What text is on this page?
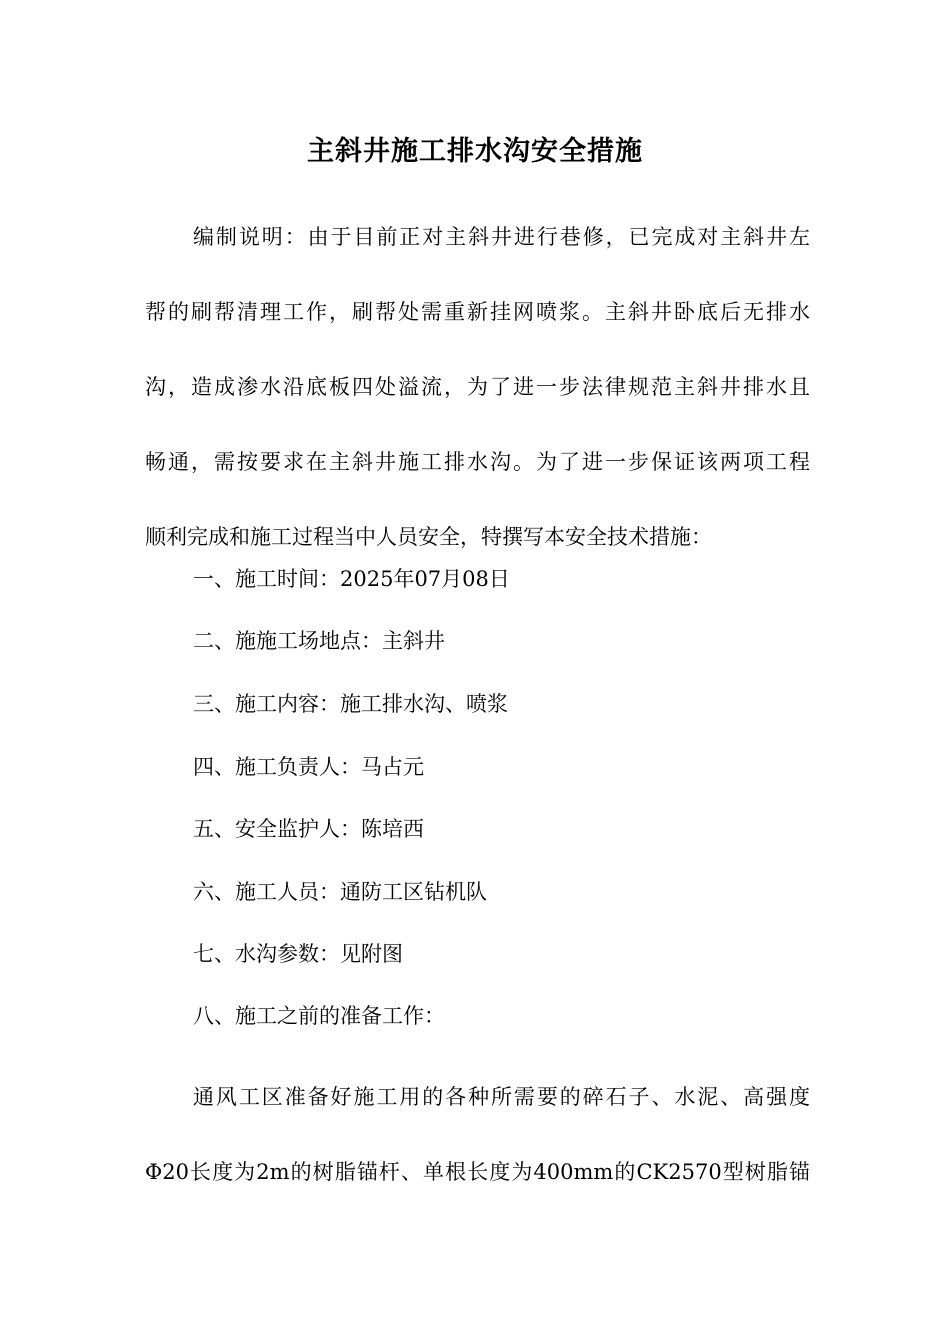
主斜井施工排水沟安全措施
编制说明：由于目前正对主斜井进行巷修，已完成对主斜井左
帮的刷帮清理工作，刷帮处需重新挂网喷浆。主斜井卧底后无排水
沟，造成渗水沿底板四处溢流，为了进一步法律规范主斜井排水且
畅通，需按要求在主斜井施工排水沟。为了进一步保证该两项工程
顺利完成和施工过程当中人员安全，特撰写本安全技术措施：
一、施工时间：2025年07月08日
二、施施工场地点：主斜井
三、施工内容：施工排水沟、喷浆
四、施工负责人：马占元
五、安全监护人：陈培西
六、施工人员：通防工区钻机队
七、水沟参数：见附图
八、施工之前的准备工作：
通风工区准备好施工用的各种所需要的碎石子、水泥、高强度
Φ20长度为2m的树脂锚杆、单根长度为400mm的CK2570型树脂锚
